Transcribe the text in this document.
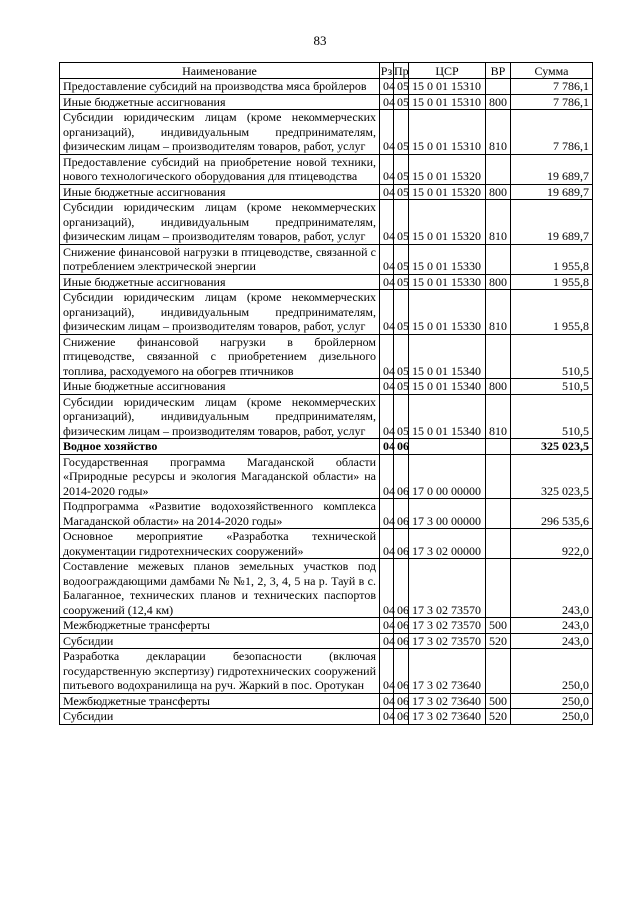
83
Наименование	Рз	Пр	ЦСР	ВР	Сумма
Предоставление субсидий на производства мяса бройлеров	04	05	15 0 01 15310		7 786,1
Иные бюджетные ассигнования	04	05	15 0 01 15310	800	7 786,1
Субсидии юридическим лицам (кроме некоммерческих организаций), индивидуальным предпринимателям, физическим лицам – производителям товаров, работ, услуг	04	05	15 0 01 15310	810	7 786,1
Предоставление субсидий на приобретение новой техники, нового технологического оборудования для птицеводства	04	05	15 0 01 15320		19 689,7
Иные бюджетные ассигнования	04	05	15 0 01 15320	800	19 689,7
Субсидии юридическим лицам (кроме некоммерческих организаций), индивидуальным предпринимателям, физическим лицам – производителям товаров, работ, услуг	04	05	15 0 01 15320	810	19 689,7
Снижение финансовой нагрузки в птицеводстве, связанной с потреблением электрической энергии	04	05	15 0 01 15330		1 955,8
Иные бюджетные ассигнования	04	05	15 0 01 15330	800	1 955,8
Субсидии юридическим лицам (кроме некоммерческих организаций), индивидуальным предпринимателям, физическим лицам – производителям товаров, работ, услуг	04	05	15 0 01 15330	810	1 955,8
Снижение финансовой нагрузки в бройлерном птицеводстве, связанной с приобретением дизельного топлива, расходуемого на обогрев птичников	04	05	15 0 01 15340		510,5
Иные бюджетные ассигнования	04	05	15 0 01 15340	800	510,5
Субсидии юридическим лицам (кроме некоммерческих организаций), индивидуальным предпринимателям, физическим лицам – производителям товаров, работ, услуг	04	05	15 0 01 15340	810	510,5
Водное хозяйство	04	06			325 023,5
Государственная программа Магаданской области «Природные ресурсы и экология Магаданской области» на 2014-2020 годы»	04	06	17 0 00 00000		325 023,5
Подпрограмма «Развитие водохозяйственного комплекса Магаданской области» на 2014-2020 годы»	04	06	17 3 00 00000		296 535,6
Основное мероприятие «Разработка технической документации гидротехнических сооружений»	04	06	17 3 02 00000		922,0
Составление межевых планов земельных участков под водоограждающими дамбами № №1, 2, 3, 4, 5 на р. Тауй в с. Балаганное, технических планов и технических паспортов сооружений (12,4 км)	04	06	17 3 02 73570		243,0
Межбюджетные трансферты	04	06	17 3 02 73570	500	243,0
Субсидии	04	06	17 3 02 73570	520	243,0
Разработка декларации безопасности (включая государственную экспертизу) гидротехнических сооружений питьевого водохранилища на руч. Жаркий в пос. Оротукан	04	06	17 3 02 73640		250,0
Межбюджетные трансферты	04	06	17 3 02 73640	500	250,0
Субсидии	04	06	17 3 02 73640	520	250,0
